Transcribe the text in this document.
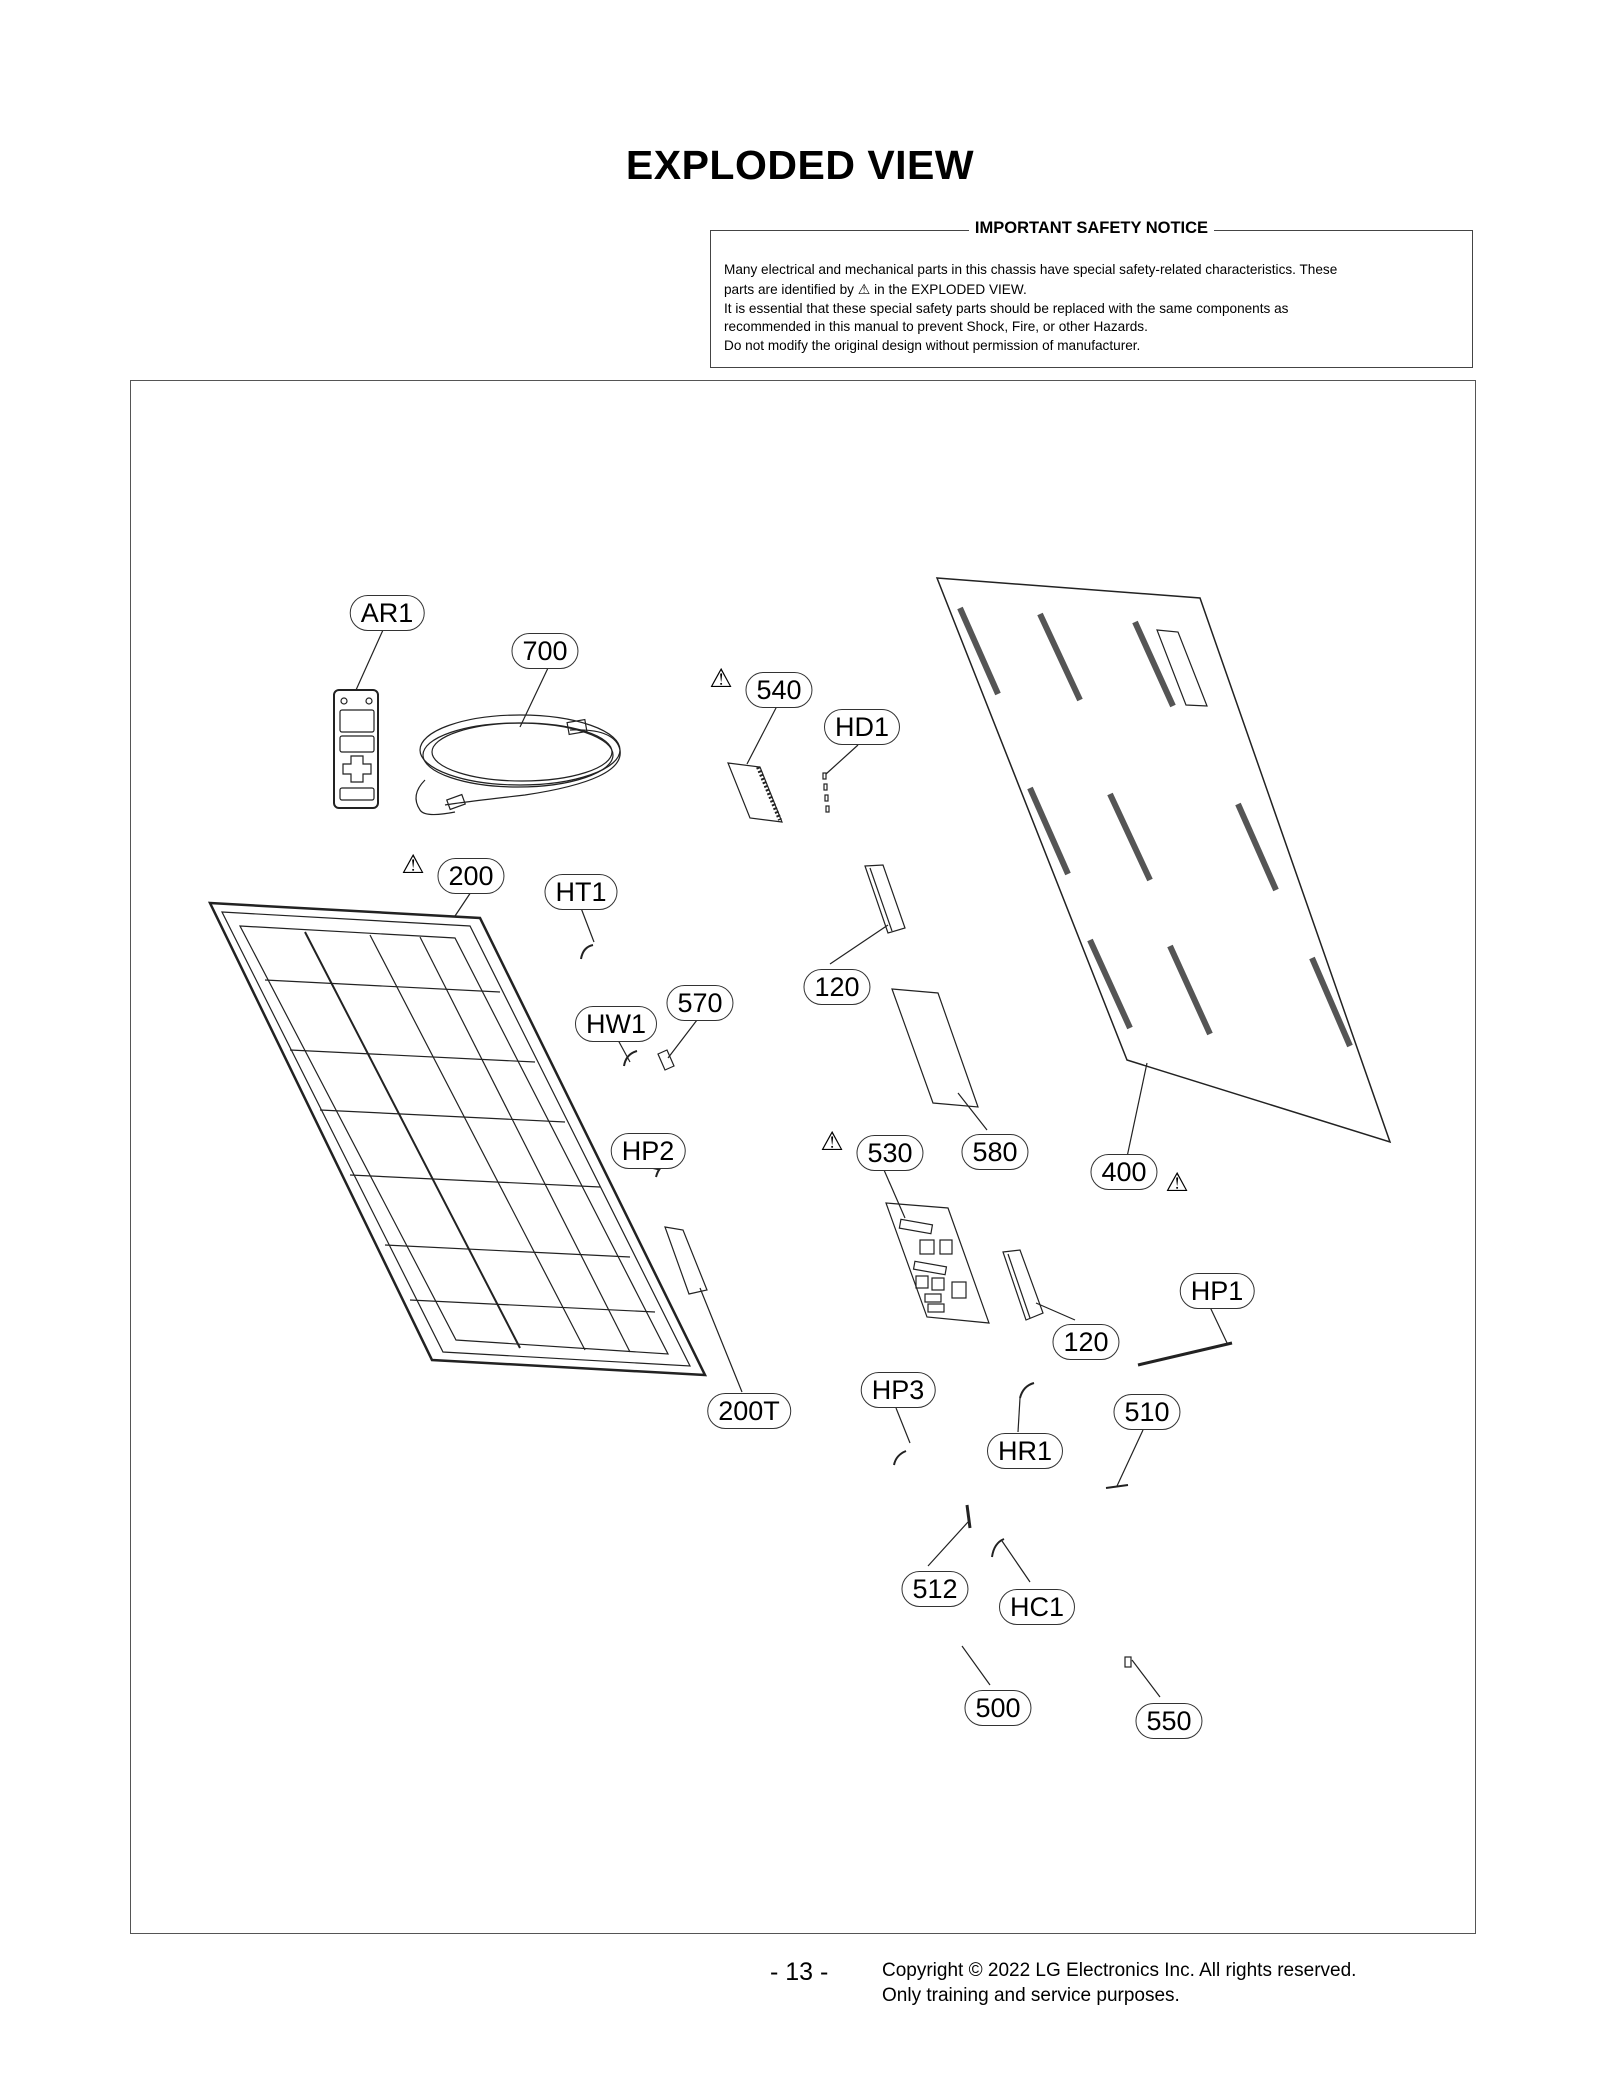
EXPLODED VIEW
IMPORTANT SAFETY NOTICE

Many electrical and mechanical parts in this chassis have special safety-related characteristics. These

parts are identified by ⚠ in the EXPLODED VIEW.

It is essential that these special safety parts should be replaced with the same components as

recommended in this manual to prevent Shock, Fire, or other Hazards.

Do not modify the original design without permission of manufacturer.

AR1
700
540
⚠
HD1
200
⚠
HT1
570
HW1
120
530
⚠	580
400 ⚠
HP2
HP1
120
200T
HP3
HR1
510
512
HC1
500	550
- 13 -	Copyright © 2022 LG Electronics Inc. All rights reserved.
Only training and service purposes.
